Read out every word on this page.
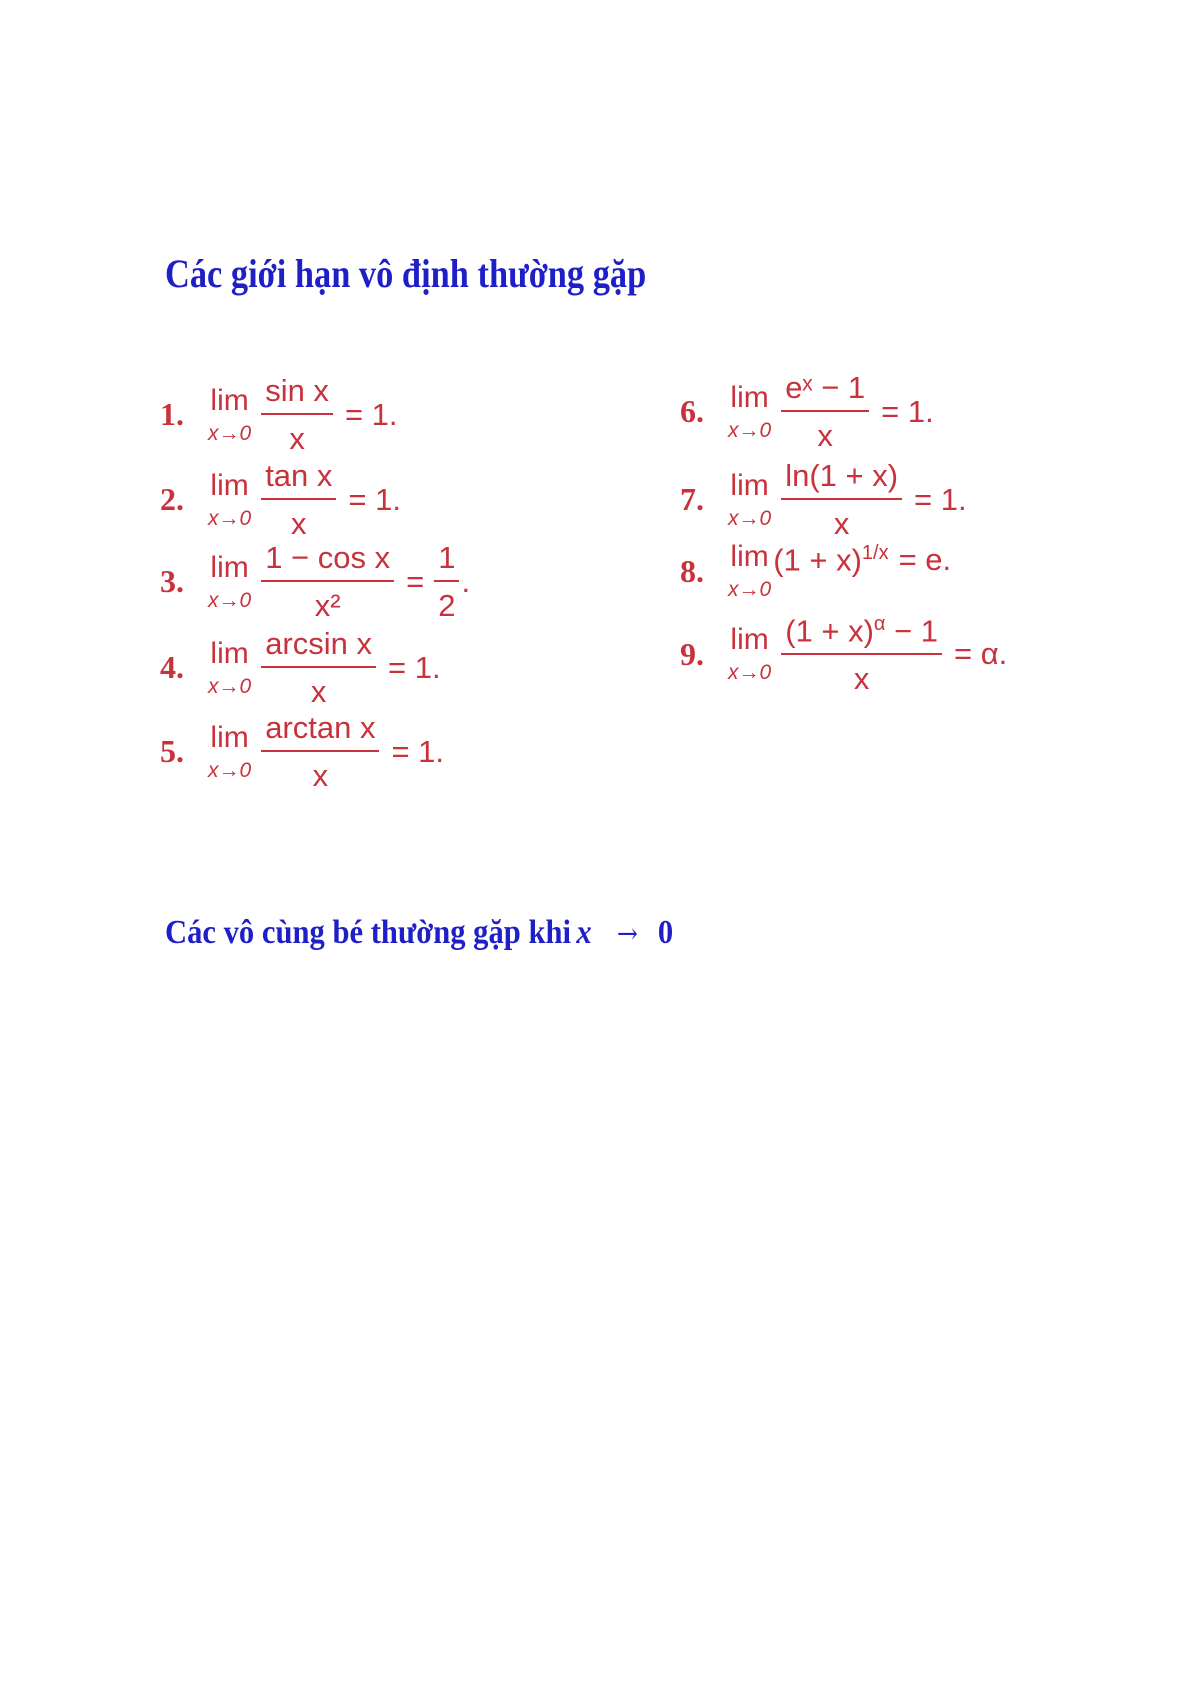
Các giới hạn vô định thường gặp
1. lim
$x\to 0 \frac{\text{sin x}}{x} = 1$.
2. lim
$x\to 0 \frac{\text{tan x}}{x} = 1$.
3. lim
$x\to 0 \frac{\text{1 − cos x}}{\text{x²}} = \frac{1}{2}$ .
4. lim
$x\to 0 \frac{\text{arcsin x}}{x} = 1$.
5. lim
$x\to 0 \frac{\text{arctan x}}{x} = 1$.
6. lim
$x\to 0 \frac{\text{eˣ − 1}}{x} = 1$.
7. lim
$x\to 0 \frac{\ln(1 + x)}{x} = 1$.
8. lim
x→0
$(1 + x)^{1/x} = e$.
9. lim
$x\to 0 \frac{(1 + x)^\alpha - 1}{x} = \alpha$.
Các vô cùng bé thường gặp khi x → 0
